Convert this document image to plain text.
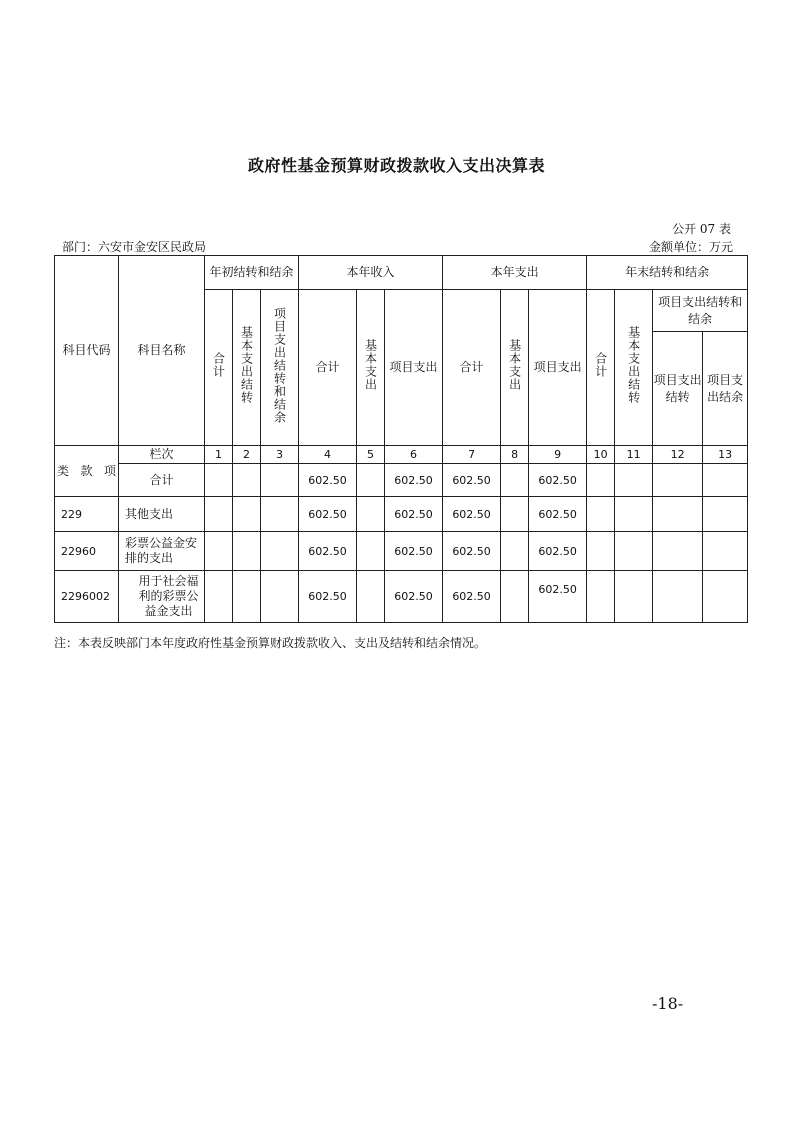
政府性基金预算财政拨款收入支出决算表
公开 07 表
部门：六安市金安区民政局	金额单位：万元
科目代码	科目名称	年初结转和结余			本年收入			本年支出			年末结转和结余			
		合计	基本支出结转	项目支出结转和结余	合计	基本支出	项目支出	合计	基本支出	项目支出	合计	基本支出结转	项目支出结转和结余	
													项目支出结转	项目支出结余

类 款 项	栏次	1	2	3	4	5	6	7	8	9	10	11	12	13
	合计				602.50		602.50	602.50		602.50				
229	其他支出				602.50		602.50	602.50		602.50				
22960	彩票公益金安排的支出				602.50		602.50	602.50		602.50				
2296002	用于社会福利的彩票公益金支出				602.50		602.50	602.50		602.50				
注：本表反映部门本年度政府性基金预算财政拨款收入、支出及结转和结余情况。
-18-
